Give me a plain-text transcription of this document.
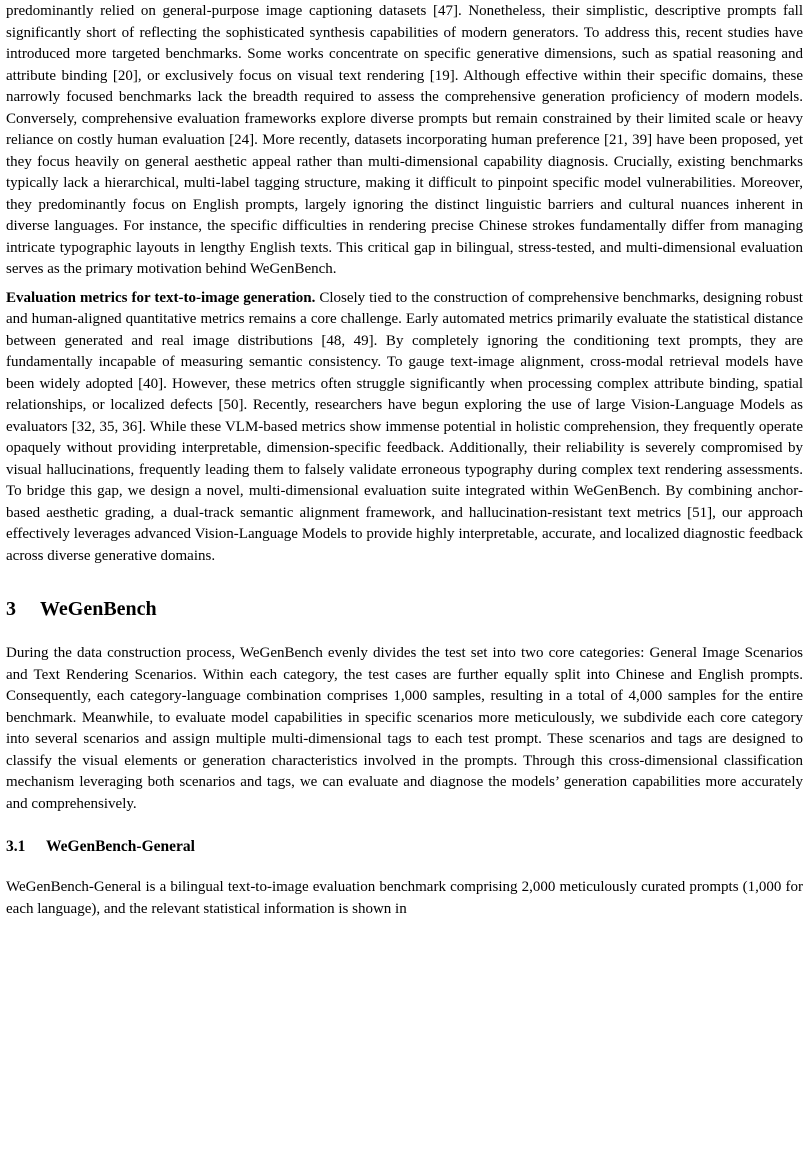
predominantly relied on general-purpose image captioning datasets [47]. Nonetheless, their simplistic, descriptive prompts fall significantly short of reflecting the sophisticated synthesis capabilities of modern generators. To address this, recent studies have introduced more targeted benchmarks. Some works concentrate on specific generative dimensions, such as spatial reasoning and attribute binding [20], or exclusively focus on visual text rendering [19]. Although effective within their specific domains, these narrowly focused benchmarks lack the breadth required to assess the comprehensive generation proficiency of modern models. Conversely, comprehensive evaluation frameworks explore diverse prompts but remain constrained by their limited scale or heavy reliance on costly human evaluation [24]. More recently, datasets incorporating human preference [21, 39] have been proposed, yet they focus heavily on general aesthetic appeal rather than multi-dimensional capability diagnosis. Crucially, existing benchmarks typically lack a hierarchical, multi-label tagging structure, making it difficult to pinpoint specific model vulnerabilities. Moreover, they predominantly focus on English prompts, largely ignoring the distinct linguistic barriers and cultural nuances inherent in diverse languages. For instance, the specific difficulties in rendering precise Chinese strokes fundamentally differ from managing intricate typographic layouts in lengthy English texts. This critical gap in bilingual, stress-tested, and multi-dimensional evaluation serves as the primary motivation behind WeGenBench.

Evaluation metrics for text-to-image generation. Closely tied to the construction of comprehensive benchmarks, designing robust and human-aligned quantitative metrics remains a core challenge. Early automated metrics primarily evaluate the statistical distance between generated and real image distributions [48, 49]. By completely ignoring the conditioning text prompts, they are fundamentally incapable of measuring semantic consistency. To gauge text-image alignment, cross-modal retrieval models have been widely adopted [40]. However, these metrics often struggle significantly when processing complex attribute binding, spatial relationships, or localized defects [50]. Recently, researchers have begun exploring the use of large Vision-Language Models as evaluators [32, 35, 36]. While these VLM-based metrics show immense potential in holistic comprehension, they frequently operate opaquely without providing interpretable, dimension-specific feedback. Additionally, their reliability is severely compromised by visual hallucinations, frequently leading them to falsely validate erroneous typography during complex text rendering assessments. To bridge this gap, we design a novel, multi-dimensional evaluation suite integrated within WeGenBench. By combining anchor-based aesthetic grading, a dual-track semantic alignment framework, and hallucination-resistant text metrics [51], our approach effectively leverages advanced Vision-Language Models to provide highly interpretable, accurate, and localized diagnostic feedback across diverse generative domains.

3 WeGenBench

During the data construction process, WeGenBench evenly divides the test set into two core categories: General Image Scenarios and Text Rendering Scenarios. Within each category, the test cases are further equally split into Chinese and English prompts. Consequently, each category-language combination comprises 1,000 samples, resulting in a total of 4,000 samples for the entire benchmark. Meanwhile, to evaluate model capabilities in specific scenarios more meticulously, we subdivide each core category into several scenarios and assign multiple multi-dimensional tags to each test prompt. These scenarios and tags are designed to classify the visual elements or generation characteristics involved in the prompts. Through this cross-dimensional classification mechanism leveraging both scenarios and tags, we can evaluate and diagnose the models’ generation capabilities more accurately and comprehensively.

3.1 WeGenBench-General

WeGenBench-General is a bilingual text-to-image evaluation benchmark comprising 2,000 meticulously curated prompts (1,000 for each language), and the relevant statistical information is shown in
